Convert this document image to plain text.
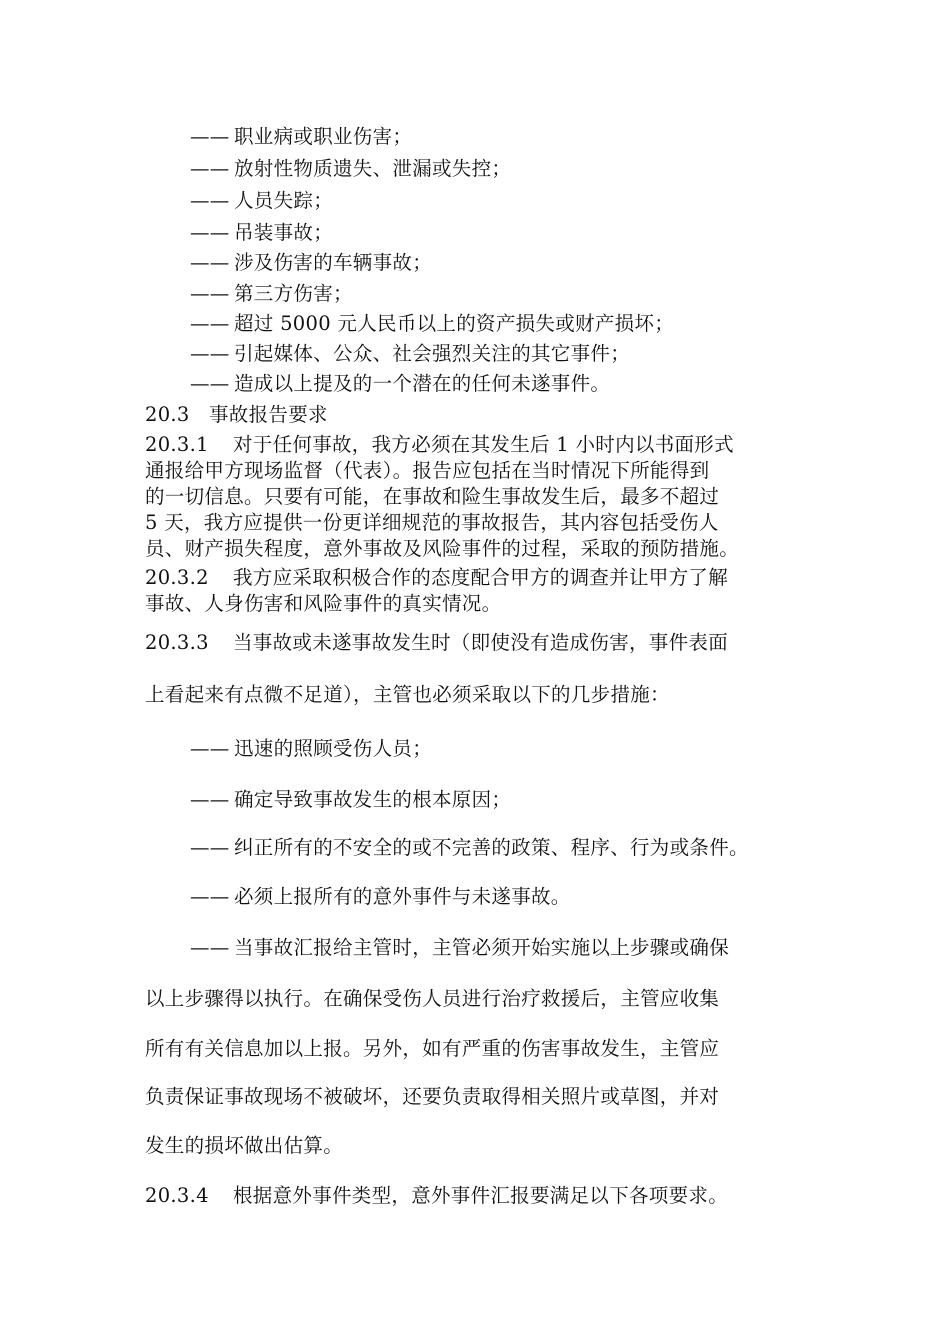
—— 职业病或职业伤害；
—— 放射性物质遗失、泄漏或失控；
—— 人员失踪；
—— 吊装事故；
—— 涉及伤害的车辆事故；
—— 第三方伤害；
—— 超过 5000 元人民币以上的资产损失或财产损坏；
—— 引起媒体、公众、社会强烈关注的其它事件；
—— 造成以上提及的一个潜在的任何未遂事件。
20.3 事故报告要求
20.3.1 对于任何事故，我方必须在其发生后 1 小时内以书面形式
通报给甲方现场监督（代表）。报告应包括在当时情况下所能得到
的一切信息。只要有可能，在事故和险生事故发生后，最多不超过
5 天，我方应提供一份更详细规范的事故报告，其内容包括受伤人
员、财产损失程度，意外事故及风险事件的过程，采取的预防措施。
20.3.2 我方应采取积极合作的态度配合甲方的调查并让甲方了解
事故、人身伤害和风险事件的真实情况。
20.3.3 当事故或未遂事故发生时（即使没有造成伤害，事件表面
上看起来有点微不足道），主管也必须采取以下的几步措施：
—— 迅速的照顾受伤人员；
—— 确定导致事故发生的根本原因；
—— 纠正所有的不安全的或不完善的政策、程序、行为或条件。
—— 必须上报所有的意外事件与未遂事故。
—— 当事故汇报给主管时，主管必须开始实施以上步骤或确保
以上步骤得以执行。在确保受伤人员进行治疗救援后，主管应收集
所有有关信息加以上报。另外，如有严重的伤害事故发生，主管应
负责保证事故现场不被破坏，还要负责取得相关照片或草图，并对
发生的损坏做出估算。
20.3.4 根据意外事件类型，意外事件汇报要满足以下各项要求。
